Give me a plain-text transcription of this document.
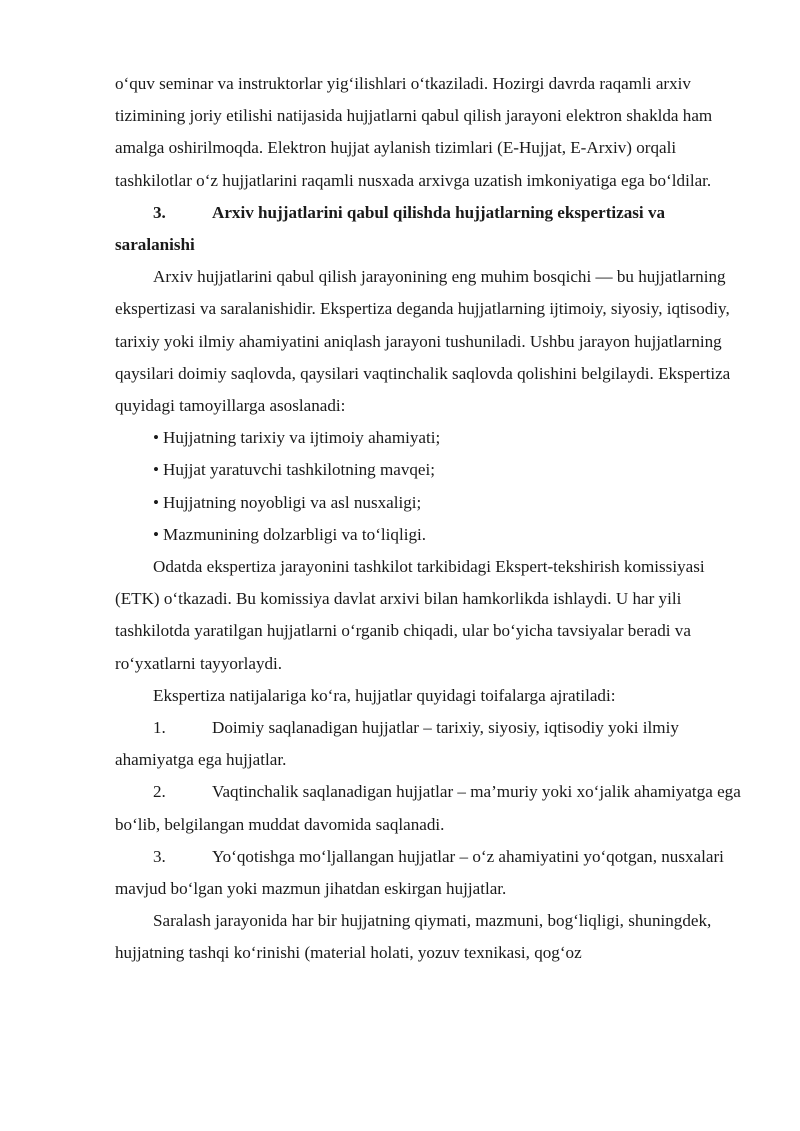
o‘quv seminar va instruktorlar yig‘ilishlari o‘tkaziladi. Hozirgi davrda raqamli arxiv tizimining joriy etilishi natijasida hujjatlarni qabul qilish jarayoni elektron shaklda ham amalga oshirilmoqda. Elektron hujjat aylanish tizimlari (E-Hujjat, E-Arxiv) orqali tashkilotlar o‘z hujjatlarini raqamli nusxada arxivga uzatish imkoniyatiga ega bo‘ldilar.

3.	Arxiv hujjatlarini qabul qilishda hujjatlarning ekspertizasi va saralanishi

Arxiv hujjatlarini qabul qilish jarayonining eng muhim bosqichi — bu hujjatlarning ekspertizasi va saralanishidir. Ekspertiza deganda hujjatlarning ijtimoiy, siyosiy, iqtisodiy, tarixiy yoki ilmiy ahamiyatini aniqlash jarayoni tushuniladi. Ushbu jarayon hujjatlarning qaysilari doimiy saqlovda, qaysilari vaqtinchalik saqlovda qolishini belgilaydi. Ekspertiza quyidagi tamoyillarga asoslanadi:

• Hujjatning tarixiy va ijtimoiy ahamiyati;
• Hujjat yaratuvchi tashkilotning mavqei;
• Hujjatning noyobligi va asl nusxaligi;
• Mazmunining dolzarbligi va to‘liqligi.

Odatda ekspertiza jarayonini tashkilot tarkibidagi Ekspert-tekshirish komissiyasi (ETK) o‘tkazadi. Bu komissiya davlat arxivi bilan hamkorlikda ishlaydi. U har yili tashkilotda yaratilgan hujjatlarni o‘rganib chiqadi, ular bo‘yicha tavsiyalar beradi va ro‘yxatlarni tayyorlaydi.

Ekspertiza natijalariga ko‘ra, hujjatlar quyidagi toifalarga ajratiladi:

1.	Doimiy saqlanadigan hujjatlar – tarixiy, siyosiy, iqtisodiy yoki ilmiy ahamiyatga ega hujjatlar.

2.	Vaqtinchalik saqlanadigan hujjatlar – ma’muriy yoki xo‘jalik ahamiyatga ega bo‘lib, belgilangan muddat davomida saqlanadi.

3.	Yo‘qotishga mo‘ljallangan hujjatlar – o‘z ahamiyatini yo‘qotgan, nusxalari mavjud bo‘lgan yoki mazmun jihatdan eskirgan hujjatlar.

Saralash jarayonida har bir hujjatning qiymati, mazmuni, bog‘liqligi, shuningdek, hujjatning tashqi ko‘rinishi (material holati, yozuv texnikasi, qog‘oz
